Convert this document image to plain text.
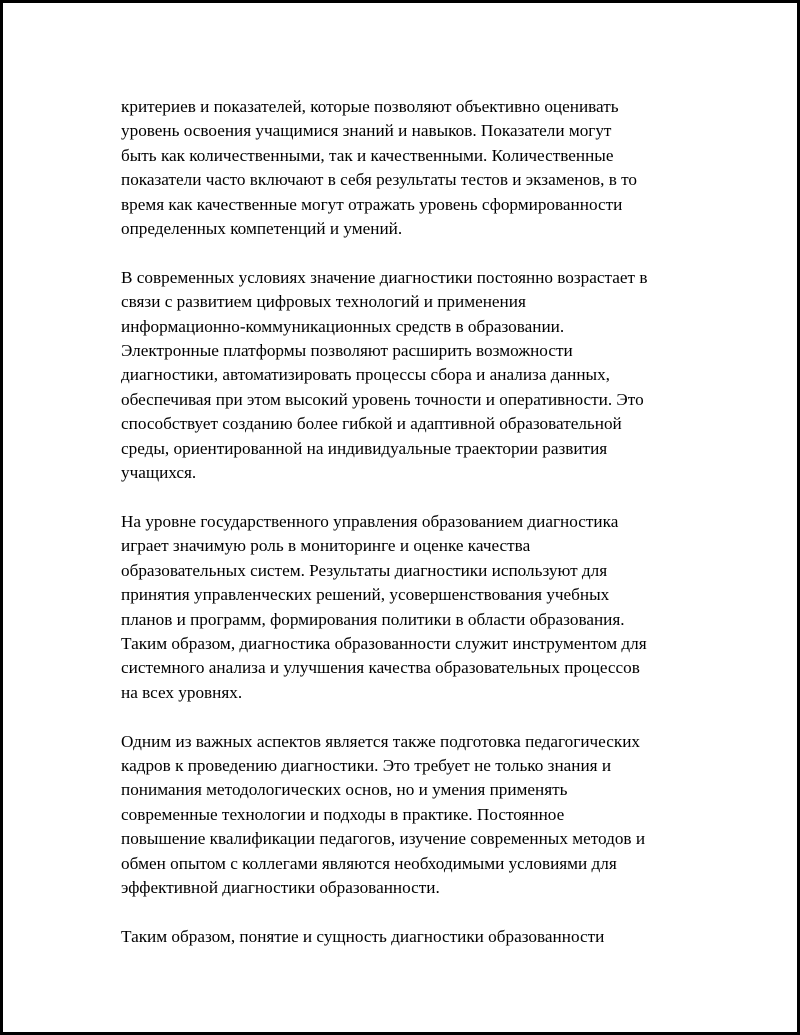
критериев и показателей, которые позволяют объективно оценивать
уровень освоения учащимися знаний и навыков. Показатели могут
быть как количественными, так и качественными. Количественные
показатели часто включают в себя результаты тестов и экзаменов, в то
время как качественные могут отражать уровень сформированности
определенных компетенций и умений.

В современных условиях значение диагностики постоянно возрастает в
связи с развитием цифровых технологий и применения
информационно-коммуникационных средств в образовании.
Электронные платформы позволяют расширить возможности
диагностики, автоматизировать процессы сбора и анализа данных,
обеспечивая при этом высокий уровень точности и оперативности. Это
способствует созданию более гибкой и адаптивной образовательной
среды, ориентированной на индивидуальные траектории развития
учащихся.

На уровне государственного управления образованием диагностика
играет значимую роль в мониторинге и оценке качества
образовательных систем. Результаты диагностики используют для
принятия управленческих решений, усовершенствования учебных
планов и программ, формирования политики в области образования.
Таким образом, диагностика образованности служит инструментом для
системного анализа и улучшения качества образовательных процессов
на всех уровнях.

Одним из важных аспектов является также подготовка педагогических
кадров к проведению диагностики. Это требует не только знания и
понимания методологических основ, но и умения применять
современные технологии и подходы в практике. Постоянное
повышение квалификации педагогов, изучение современных методов и
обмен опытом с коллегами являются необходимыми условиями для
эффективной диагностики образованности.

Таким образом, понятие и сущность диагностики образованности
